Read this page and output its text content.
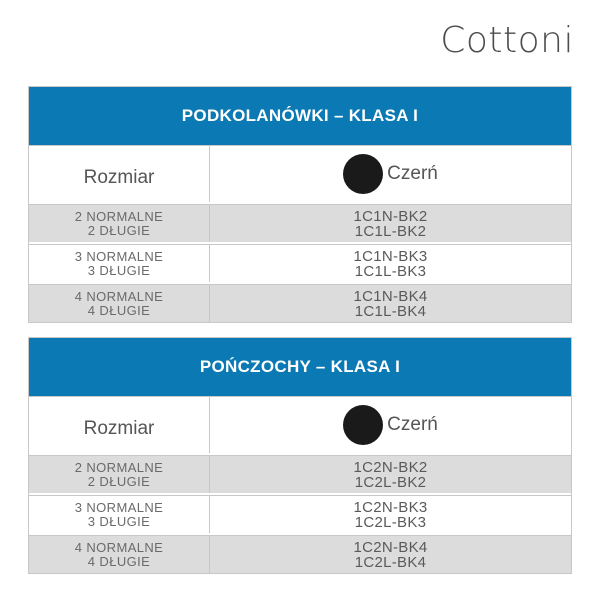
Cottoni
PODKOLANÓWKI – KLASA I
Rozmiar	Czerń
2 NORMALNE
2 DŁUGIE
1C1N-BK2
1C1L-BK2
3 NORMALNE
3 DŁUGIE
1C1N-BK3
1C1L-BK3
4 NORMALNE
4 DŁUGIE
1C1N-BK4
1C1L-BK4
POŃCZOCHY – KLASA I
Rozmiar	Czerń
2 NORMALNE
2 DŁUGIE
1C2N-BK2
1C2L-BK2
3 NORMALNE
3 DŁUGIE
1C2N-BK3
1C2L-BK3
4 NORMALNE
4 DŁUGIE
1C2N-BK4
1C2L-BK4
